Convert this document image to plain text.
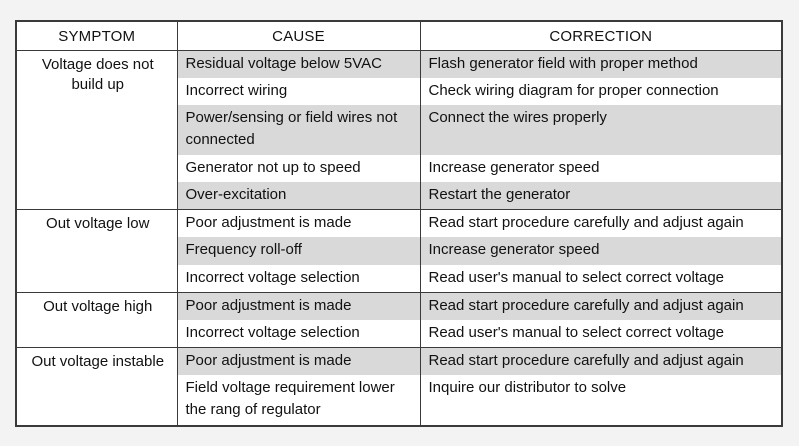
SYMPTOM	CAUSE	CORRECTION
Voltage does not build up	Residual voltage below 5VAC	Flash generator field with proper method
	Incorrect wiring	Check wiring diagram for proper connection
	Power/sensing or field wires not connected	Connect the wires properly
	Generator not up to speed	Increase generator speed
	Over-excitation	Restart the generator
Out voltage low	Poor adjustment is made	Read start procedure carefully and adjust again
	Frequency roll-off	Increase generator speed
	Incorrect voltage selection	Read user's manual to select correct voltage
Out voltage high	Poor adjustment is made	Read start procedure carefully and adjust again
	Incorrect voltage selection	Read user's manual to select correct voltage
Out voltage instable	Poor adjustment is made	Read start procedure carefully and adjust again
	Field voltage requirement lower the rang of regulator	Inquire our distributor to solve
